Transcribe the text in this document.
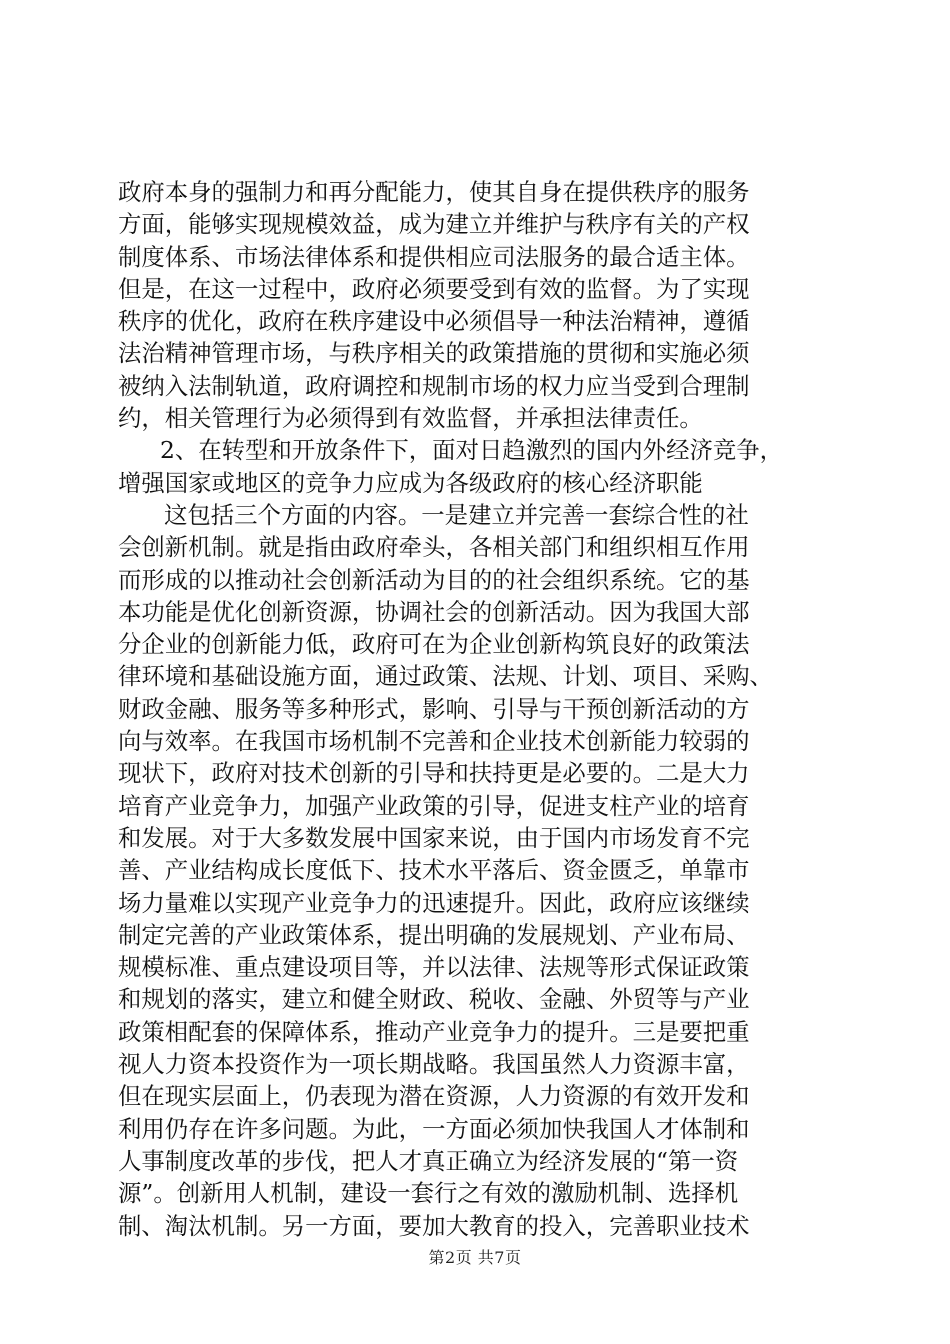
政府本身的强制力和再分配能力，使其自身在提供秩序的服务
方面，能够实现规模效益，成为建立并维护与秩序有关的产权
制度体系、市场法律体系和提供相应司法服务的最合适主体。
但是，在这一过程中，政府必须要受到有效的监督。为了实现
秩序的优化，政府在秩序建设中必须倡导一种法治精神，遵循
法治精神管理市场，与秩序相关的政策措施的贯彻和实施必须
被纳入法制轨道，政府调控和规制市场的权力应当受到合理制
约，相关管理行为必须得到有效监督，并承担法律责任。
2、在转型和开放条件下，面对日趋激烈的国内外经济竞争，
增强国家或地区的竞争力应成为各级政府的核心经济职能
这包括三个方面的内容。一是建立并完善一套综合性的社
会创新机制。就是指由政府牵头，各相关部门和组织相互作用
而形成的以推动社会创新活动为目的的社会组织系统。它的基
本功能是优化创新资源，协调社会的创新活动。因为我国大部
分企业的创新能力低，政府可在为企业创新构筑良好的政策法
律环境和基础设施方面，通过政策、法规、计划、项目、采购、
财政金融、服务等多种形式，影响、引导与干预创新活动的方
向与效率。在我国市场机制不完善和企业技术创新能力较弱的
现状下，政府对技术创新的引导和扶持更是必要的。二是大力
培育产业竞争力，加强产业政策的引导，促进支柱产业的培育
和发展。对于大多数发展中国家来说，由于国内市场发育不完
善、产业结构成长度低下、技术水平落后、资金匮乏，单靠市
场力量难以实现产业竞争力的迅速提升。因此，政府应该继续
制定完善的产业政策体系，提出明确的发展规划、产业布局、
规模标准、重点建设项目等，并以法律、法规等形式保证政策
和规划的落实，建立和健全财政、税收、金融、外贸等与产业
政策相配套的保障体系，推动产业竞争力的提升。三是要把重
视人力资本投资作为一项长期战略。我国虽然人力资源丰富，
但在现实层面上，仍表现为潜在资源，人力资源的有效开发和
利用仍存在许多问题。为此，一方面必须加快我国人才体制和
人事制度改革的步伐，把人才真正确立为经济发展的“第一资
源”。创新用人机制，建设一套行之有效的激励机制、选择机
制、淘汰机制。另一方面，要加大教育的投入，完善职业技术
第2页 共7页
